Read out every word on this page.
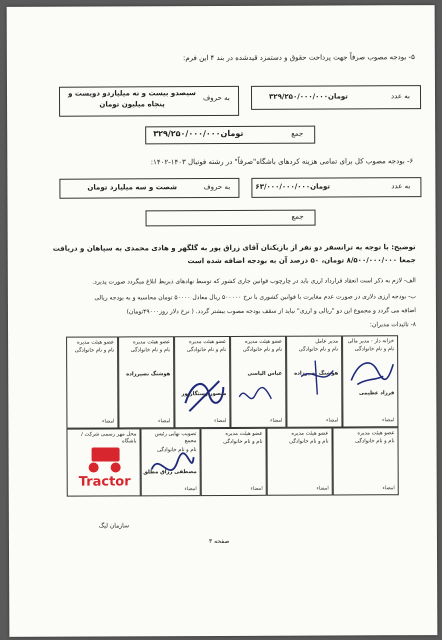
۵- بودجه مصوب صرفاً جهت پرداخت حقوق و دستمزد قیدشده در بند ۴ این فرم:
به عدد
۳۲۹/۲۵۰/۰۰۰/۰۰۰تومان
به حروف
سیصدو بیست و نه میلیاردو دویست و پنجاه میلیون تومان
جمع
۳۲۹/۲۵۰/۰۰۰/۰۰۰تومان
۶- بودجه مصوب کل برای تمامی هزینه کردهای باشگاه"صرفاً" در رشته فوتبال ۱۴۰۳-۱۴۰۲:
به عدد
۶۳/۰۰۰/۰۰۰/۰۰۰تومان
به حروف
شصت و سه میلیارد تومان
جمع
توضیح: با توجه به ترانسفر دو نفر از بازیکنان آقای زراق پور به گلگهر و هادی محمدی به سپاهان و دریافت جمعا ۸/۵۰۰/۰۰۰/۰۰۰ تومان، ۵۰ درصد آن به بودجه اضافه شده است
الف- لازم به ذکر است انعقاد قرارداد ارزی باید در چارچوب قوانین جاری کشور که توسط نهادهای ذیربط ابلاغ میگردد صورت پذیرد.
ب- بودجه ارزی دلاری در صورت عدم مغایرت با قوانین کشوری با نرخ ۵۰۰۰۰۰ ریال معادل ۵۰۰۰۰ تومان محاسبه و به بودجه ریالی
اضافه می گردد و مجموع این دو "ریالی و ارزی" نباید از سقف بودجه مصوب بیشتر گردد. ( نرخ دلار روز۴۹۰۰۰تومان)
۸- تائیدات مدیران:
خزانه دار - مدیر مالی
نام و نام خانوادگی
فرزاد عظیمی
امضاء
مدیر عامل
نام و نام خانوادگی
هوشنگ نصیرزاده
امضاء
عضو هیئت مدیره
نام و نام خانوادگی
عباس الیاسی
امضاء
عضو هیئت مدیره
نام و نام خانوادگی
منصور رستگارپور
امضاء
عضو هیئت مدیره
نام و نام خانوادگی
هوشنگ نصیرزاده
امضاء
عضو هیئت مدیره
نام و نام خانوادگی
امضاء
عضو هیئت مدیره
نام و نام خانوادگی
امضاء
عضو هیئت مدیره
نام و نام خانوادگی
امضاء
عضو هیئت مدیره
نام و نام خانوادگی
امضاء
تصویب نهایی رئیس مجمع
نام و نام خانوادگی
مصطفی رزاق مطلق
امضاء
محل مهر رسمی شرکت / باشگاه
Tractor
سازمان لیگ
صفحه ۳
